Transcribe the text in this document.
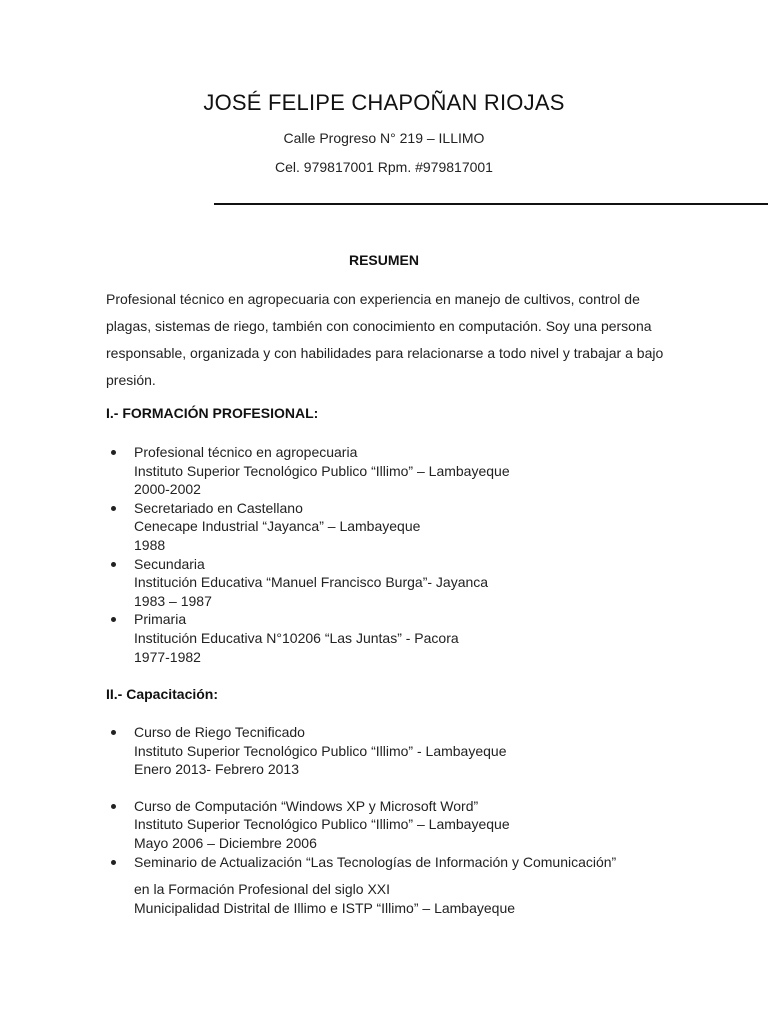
JOSÉ FELIPE CHAPOÑAN RIOJAS
Calle Progreso N° 219 – ILLIMO
Cel. 979817001 Rpm. #979817001
RESUMEN

Profesional técnico en agropecuaria con experiencia en manejo de cultivos, control de plagas, sistemas de riego, también con conocimiento en computación. Soy una persona responsable, organizada y con habilidades para relacionarse a todo nivel y trabajar a bajo presión.

I.- FORMACIÓN PROFESIONAL:
Profesional técnico en agropecuaria
Instituto Superior Tecnológico Publico “Illimo” – Lambayeque
2000-2002
Secretariado en Castellano
Cenecape Industrial “Jayanca” – Lambayeque
1988
Secundaria
Institución Educativa “Manuel Francisco Burga”- Jayanca
1983 – 1987
Primaria
Institución Educativa N°10206 “Las Juntas” - Pacora
1977-1982
II.- Capacitación:
Curso de Riego Tecnificado
Instituto Superior Tecnológico Publico “Illimo” - Lambayeque
Enero 2013- Febrero 2013
Curso de Computación “Windows XP y Microsoft Word”
Instituto Superior Tecnológico Publico “Illimo” – Lambayeque
Mayo 2006 – Diciembre 2006
Seminario de Actualización “Las Tecnologías de Información y Comunicación”
en la Formación Profesional del siglo XXI
Municipalidad Distrital de Illimo e ISTP “Illimo” – Lambayeque
